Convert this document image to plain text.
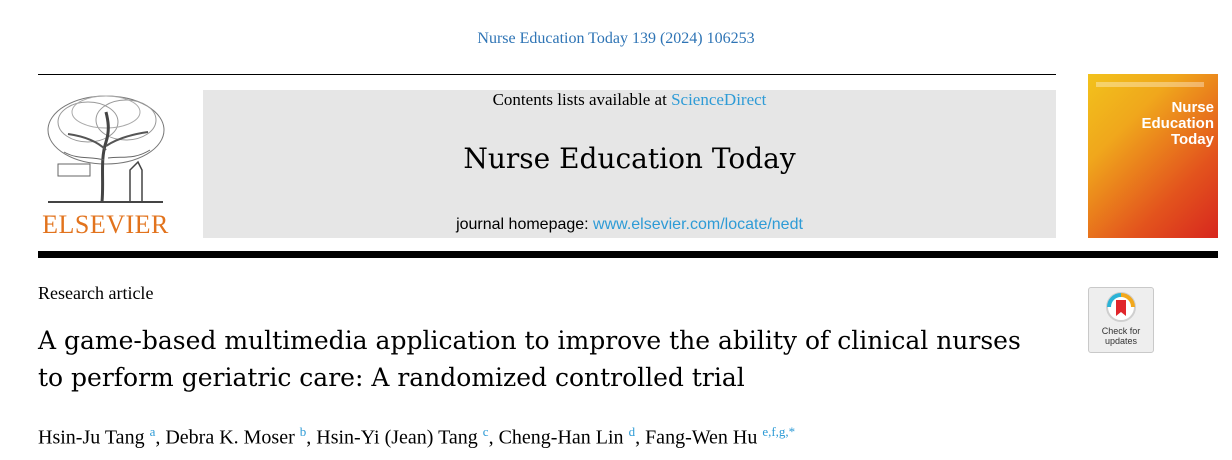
Nurse Education Today 139 (2024) 106253
ELSEVIER
Contents lists available at ScienceDirect
Nurse Education Today
journal homepage: www.elsevier.com/locate/nedt
Nurse
Education
Today
Research article
A game-based multimedia application to improve the ability of clinical nurses to perform geriatric care: A randomized controlled trial
Check for
updates
Hsin-Ju Tang $^a$, Debra K. Moser $^b$, Hsin-Yi (Jean) Tang $^c$, Cheng-Han Lin $^d$, Fang-Wen Hu $^{e,f,g,*}$
